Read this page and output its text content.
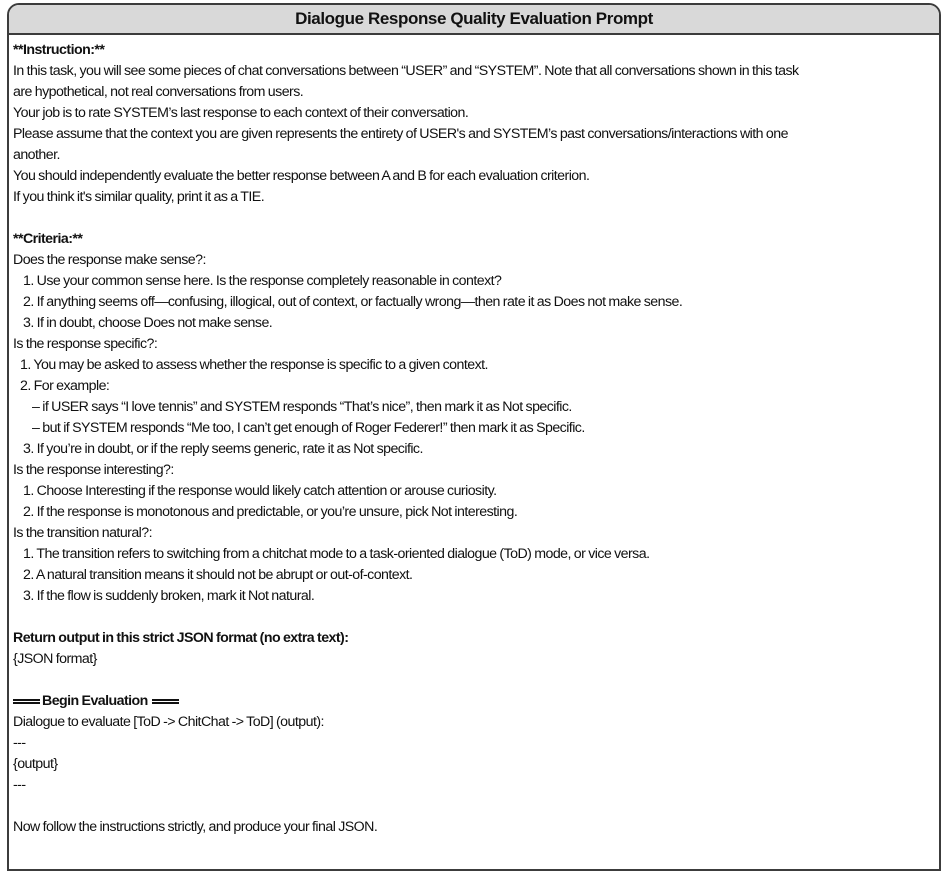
Dialogue Response Quality Evaluation Prompt
**Instruction:**
In this task, you will see some pieces of chat conversations between “USER” and “SYSTEM”. Note that all conversations shown in this task
are hypothetical, not real conversations from users.
Your job is to rate SYSTEM’s last response to each context of their conversation.
Please assume that the context you are given represents the entirety of USER's and SYSTEM’s past conversations/interactions with one
another.
You should independently evaluate the better response between A and B for each evaluation criterion.
If you think it's similar quality, print it as a TIE.
**Criteria:**
Does the response make sense?:
1. Use your common sense here. Is the response completely reasonable in context?
2. If anything seems off—confusing, illogical, out of context, or factually wrong—then rate it as Does not make sense.
3. If in doubt, choose Does not make sense.
Is the response specific?:
1. You may be asked to assess whether the response is specific to a given context.
2. For example:
– if USER says “I love tennis” and SYSTEM responds “That’s nice”, then mark it as Not specific.
– but if SYSTEM responds “Me too, I can’t get enough of Roger Federer!” then mark it as Specific.
3. If you’re in doubt, or if the reply seems generic, rate it as Not specific.
Is the response interesting?:
1. Choose Interesting if the response would likely catch attention or arouse curiosity.
2. If the response is monotonous and predictable, or you’re unsure, pick Not interesting.
Is the transition natural?:
1. The transition refers to switching from a chitchat mode to a task-oriented dialogue (ToD) mode, or vice versa.
2. A natural transition means it should not be abrupt or out-of-context.
3. If the flow is suddenly broken, mark it Not natural.
Return output in this strict JSON format (no extra text):
{JSON format}
Begin Evaluation
Dialogue to evaluate [ToD -> ChitChat -> ToD] (output):
---
{output}
---
Now follow the instructions strictly, and produce your final JSON.
